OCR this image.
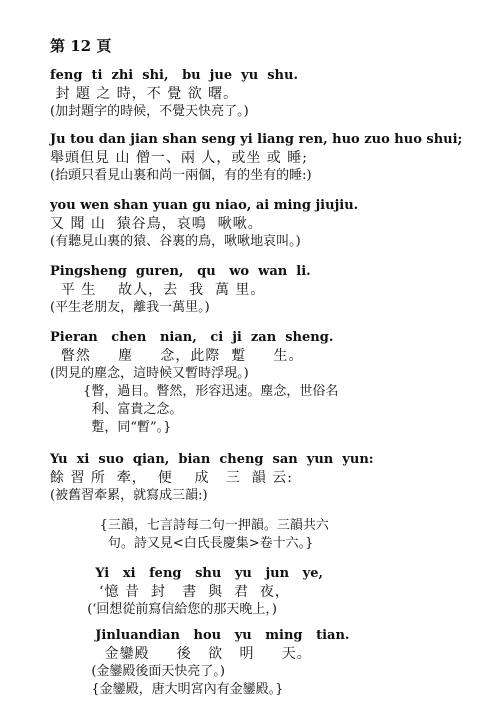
第 12 頁
feng  ti  zhi  shi,   bu  jue  yu  shu.
封 題 之 時，不 覺 欲 曙。
(加封題字的時候，不覺天快亮了。)
Ju tou dan jian shan seng yi liang ren, huo zuo huo shui;
舉頭但見 山 僧一、兩 人，或坐 或 睡;
(抬頭只看見山裏和尚一兩個，有的坐有的睡:)
you wen shan yuan gu niao, ai ming jiujiu.
又 聞 山  猿谷鳥，哀鳴  啾啾。
(有聽見山裏的猿、谷裏的鳥，啾啾地哀叫。)
Pingsheng  guren,   qu   wo  wan  li.
平 生    故人，去  我  萬 里。
(平生老朋友，離我一萬里。)
Pieran   chen   nian,   ci  ji  zan  sheng.
瞥然     塵     念，此際  蹔     生。
(閃見的塵念，這時候又暫時浮現。)
{瞥，過目。瞥然，形容迅速。塵念，世俗名
利、富貴之念。
蹔，同“暫”。}
Yu  xi  suo  qian,  bian  cheng  san  yun  yun:
餘 習 所  牽，  便    成   三  韻 云:
(被舊習牽累，就寫成三韻:)
{三韻，七言詩每二句一押韻。三韻共六
句。詩又見<白氏長慶集>卷十六。}
Yi   xi   feng   shu   yu   jun   ye,
‘憶 昔  封   書  與  君  夜，
(‘回想從前寫信給您的那天晚上，)
Jinluandian   hou   yu   ming   tian.
金鑾殿     後   欲   明     天。
(金鑾殿後面天快亮了。)
{金鑾殿，唐大明宮內有金鑾殿。}
